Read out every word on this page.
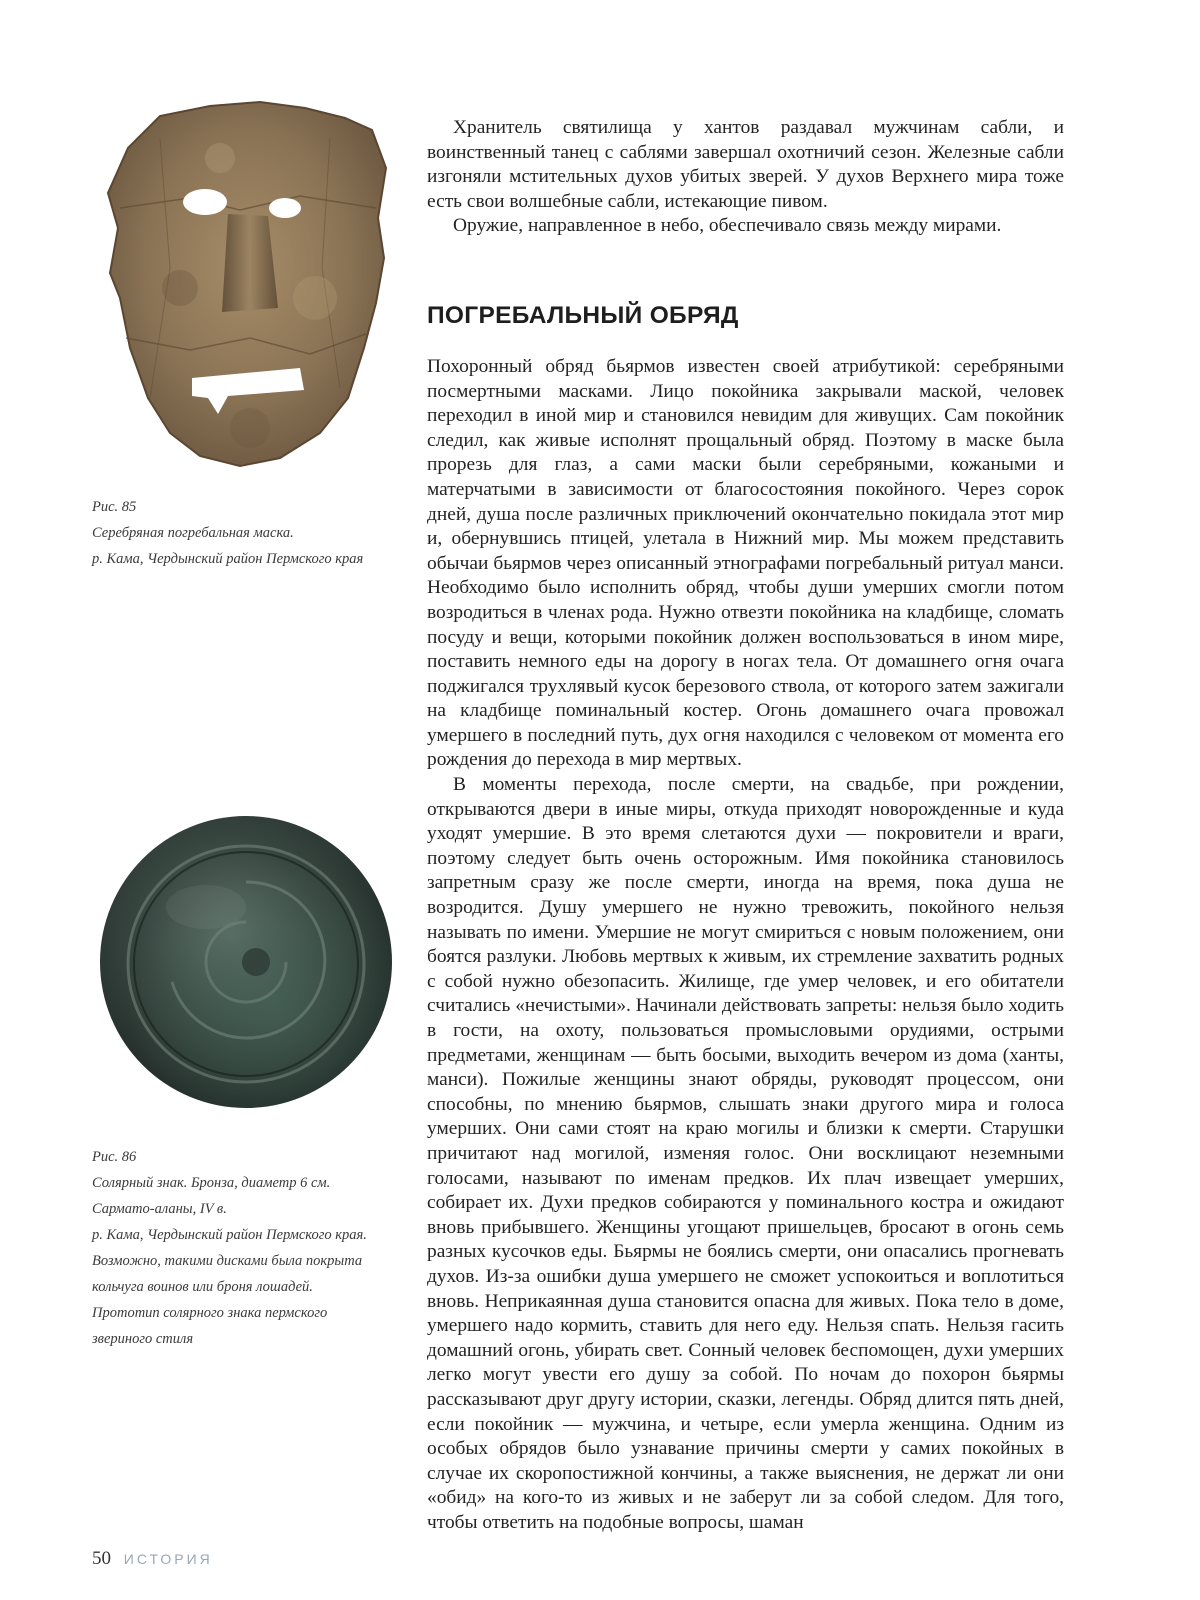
Рис. 85

Серебряная погребальная маска.

р. Кама, Чердынский район Пермского края

Рис. 86

Солярный знак. Бронза, диаметр 6 см.

Сармато-аланы, IV в.

р. Кама, Чердынский район Пермского края.

Возможно, такими дисками была покрыта

кольчуга воинов или броня лошадей.

Прототип солярного знака пермского

звериного стиля

Хранитель святилища у хантов раздавал мужчинам сабли, и воинственный танец с саблями завершал охотничий сезон. Железные сабли изгоняли мстительных духов убитых зверей. У духов Верхнего мира тоже есть свои волшебные сабли, истекающие пивом.

Оружие, направленное в небо, обеспечивало связь между мирами.

ПОГРЕБАЛЬНЫЙ ОБРЯД

Похоронный обряд бьярмов известен своей атрибутикой: серебряными посмертными масками. Лицо покойника закрывали маской, человек переходил в иной мир и становился невидим для живущих. Сам покойник следил, как живые исполнят прощальный обряд. Поэтому в маске была прорезь для глаз, а сами маски были серебряными, кожаными и матерчатыми в зависимости от благосостояния покойного. Через сорок дней, душа после различных приключений окончательно покидала этот мир и, обернувшись птицей, улетала в Нижний мир. Мы можем представить обычаи бьярмов через описанный этнографами погребальный ритуал манси. Необходимо было исполнить обряд, чтобы души умерших смогли потом возродиться в членах рода. Нужно отвезти покойника на кладбище, сломать посуду и вещи, которыми покойник должен воспользоваться в ином мире, поставить немного еды на дорогу в ногах тела. От домашнего огня очага поджигался трухлявый кусок березового ствола, от которого затем зажигали на кладбище поминальный костер. Огонь домашнего очага провожал умершего в последний путь, дух огня находился с человеком от момента его рождения до перехода в мир мертвых.

В моменты перехода, после смерти, на свадьбе, при рождении, открываются двери в иные миры, откуда приходят новорожденные и куда уходят умершие. В это время слетаются духи — покровители и враги, поэтому следует быть очень осторожным. Имя покойника становилось запретным сразу же после смерти, иногда на время, пока душа не возродится. Душу умершего не нужно тревожить, покойного нельзя называть по имени. Умершие не могут смириться с новым положением, они боятся разлуки. Любовь мертвых к живым, их стремление захватить родных с собой нужно обезопасить. Жилище, где умер человек, и его обитатели считались «нечистыми». Начинали действовать запреты: нельзя было ходить в гости, на охоту, пользоваться промысловыми орудиями, острыми предметами, женщинам — быть босыми, выходить вечером из дома (ханты, манси). Пожилые женщины знают обряды, руководят процессом, они способны, по мнению бьярмов, слышать знаки другого мира и голоса умерших. Они сами стоят на краю могилы и близки к смерти. Старушки причитают над могилой, изменяя голос. Они восклицают неземными голосами, называют по именам предков. Их плач извещает умерших, собирает их. Духи предков собираются у поминального костра и ожидают вновь прибывшего. Женщины угощают пришельцев, бросают в огонь семь разных кусочков еды. Бьярмы не боялись смерти, они опасались прогневать духов. Из-за ошибки душа умершего не сможет успокоиться и воплотиться вновь. Неприкаянная душа становится опасна для живых. Пока тело в доме, умершего надо кормить, ставить для него еду. Нельзя спать. Нельзя гасить домашний огонь, убирать свет. Сонный человек беспомощен, духи умерших легко могут увести его душу за собой. По ночам до похорон бьярмы рассказывают друг другу истории, сказки, легенды. Обряд длится пять дней, если покойник — мужчина, и четыре, если умерла женщина. Одним из особых обрядов было узнавание причины смерти у самих покойных в случае их скоропостижной кончины, а также выяснения, не держат ли они «обид» на кого-то из живых и не заберут ли за собой следом. Для того, чтобы ответить на подобные вопросы, шаман

50 ИСТОРИЯ
